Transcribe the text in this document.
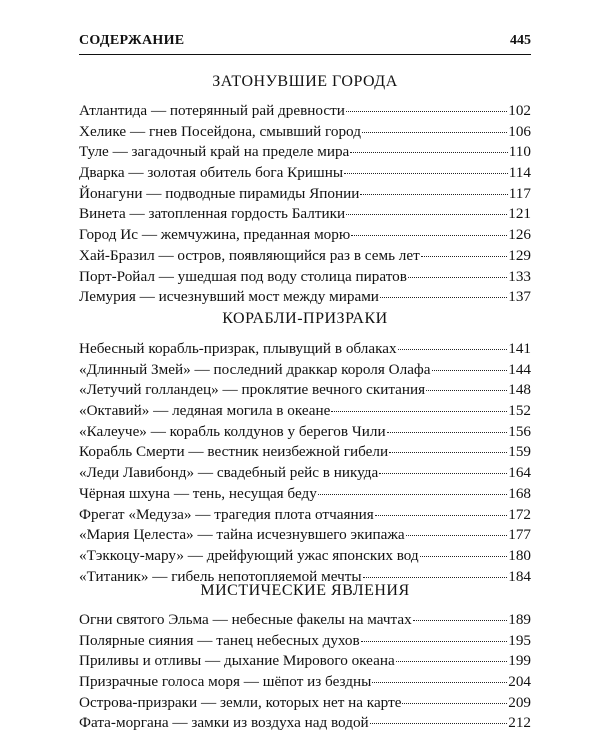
СОДЕРЖАНИЕ	445
ЗАТОНУВШИЕ ГОРОДА
Атлантида — потерянный рай древности	102
Хелике — гнев Посейдона, смывший город	106
Туле — загадочный край на пределе мира	110
Дварка — золотая обитель бога Кришны	114
Йонагуни — подводные пирамиды Японии	117
Винета — затопленная гордость Балтики	121
Город Ис — жемчужина, преданная морю	126
Хай-Бразил — остров, появляющийся раз в семь лет	129
Порт-Ройал — ушедшая под воду столица пиратов	133
Лемурия — исчезнувший мост между мирами	137
КОРАБЛИ-ПРИЗРАКИ
Небесный корабль-призрак, плывущий в облаках	141
«Длинный Змей» — последний драккар короля Олафа	144
«Летучий голландец» — проклятие вечного скитания	148
«Октавий» — ледяная могила в океане	152
«Калеуче» — корабль колдунов у берегов Чили	156
Корабль Смерти — вестник неизбежной гибели	159
«Леди Лавибонд» — свадебный рейс в никуда	164
Чёрная шхуна — тень, несущая беду	168
Фрегат «Медуза» — трагедия плота отчаяния	172
«Мария Целеста» — тайна исчезнувшего экипажа	177
«Тэккоцу-мару» — дрейфующий ужас японских вод	180
«Титаник» — гибель непотопляемой мечты	184
МИСТИЧЕСКИЕ ЯВЛЕНИЯ
Огни святого Эльма — небесные факелы на мачтах	189
Полярные сияния — танец небесных духов	195
Приливы и отливы — дыхание Мирового океана	199
Призрачные голоса моря — шёпот из бездны	204
Острова-призраки — земли, которых нет на карте	209
Фата-моргана — замки из воздуха над водой	212
